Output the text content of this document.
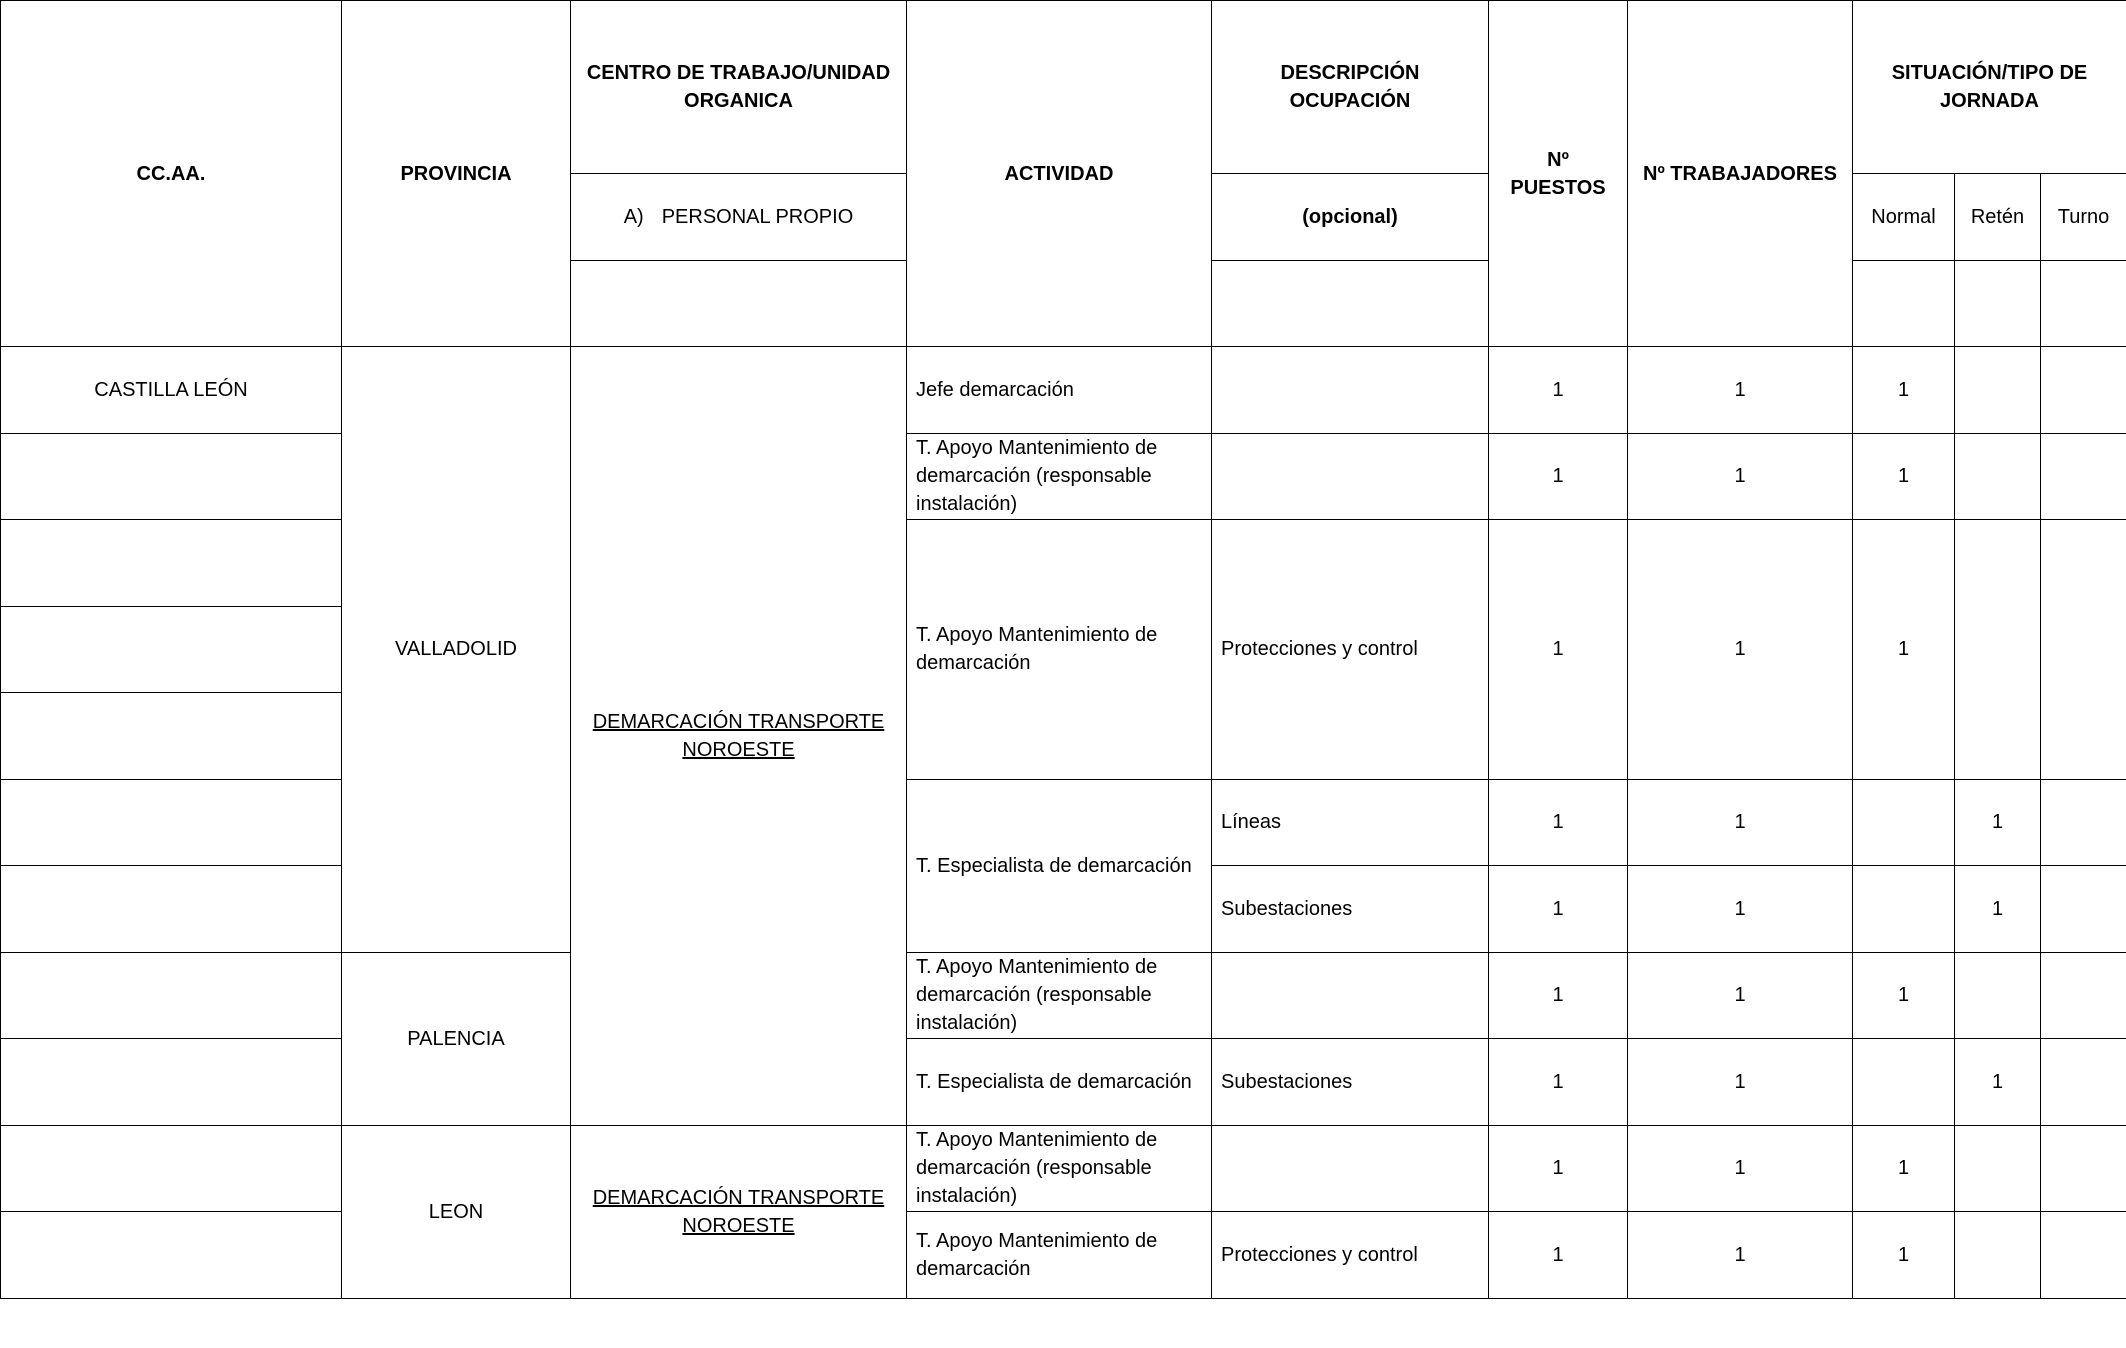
CC.AA.	PROVINCIA	CENTRO DE TRABAJO/UNIDAD ORGANICA	ACTIVIDAD	DESCRIPCIÓN OCUPACIÓN	Nº PUESTOS	Nº TRABAJADORES	SITUACIÓN/TIPO DE JORNADA		
		A) PERSONAL PROPIO		(opcional)			Normal	Retén	Turno

CASTILLA LEÓN	VALLADOLID	DEMARCACIÓN TRANSPORTE NOROESTE	Jefe demarcación		1	1	1		
			T. Apoyo Mantenimiento de demarcación (responsable instalación)		1	1	1		
			T. Apoyo Mantenimiento de demarcación	Protecciones y control	1	1	1		

			T. Especialista de demarcación	Líneas	1	1		1	
				Subestaciones	1	1		1	
	PALENCIA		T. Apoyo Mantenimiento de demarcación (responsable instalación)		1	1	1		
			T. Especialista de demarcación	Subestaciones	1	1		1	
	LEON	DEMARCACIÓN TRANSPORTE NOROESTE	T. Apoyo Mantenimiento de demarcación (responsable instalación)		1	1	1		
			T. Apoyo Mantenimiento de demarcación	Protecciones y control	1	1	1		
